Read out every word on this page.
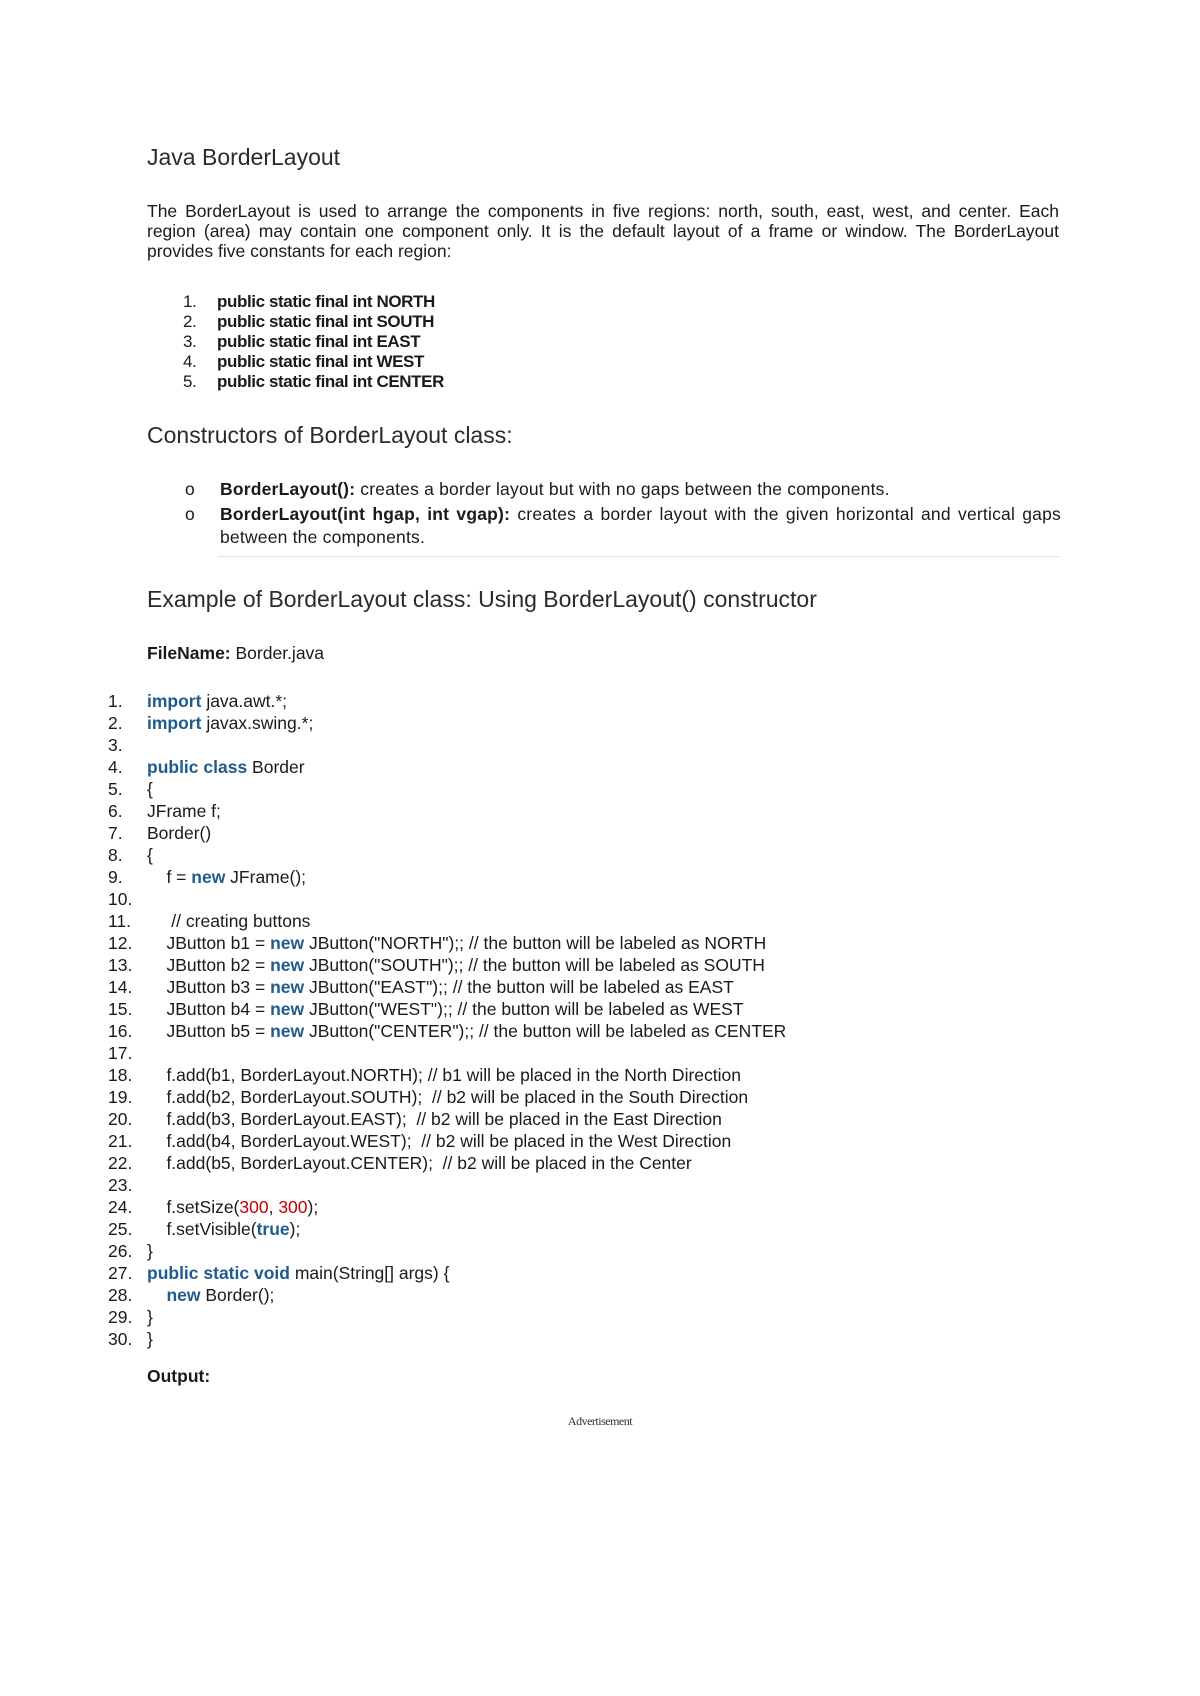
Java BorderLayout
The BorderLayout is used to arrange the components in five regions: north, south, east, west, and center. Each region (area) may contain one component only. It is the default layout of a frame or window. The BorderLayout provides five constants for each region:
1. public static final int NORTH
2. public static final int SOUTH
3. public static final int EAST
4. public static final int WEST
5. public static final int CENTER
Constructors of BorderLayout class:
o BorderLayout(): creates a border layout but with no gaps between the components.
o BorderLayout(int hgap, int vgap): creates a border layout with the given horizontal and vertical gaps between the components.
Example of BorderLayout class: Using BorderLayout() constructor
FileName: Border.java
1.	import java.awt.*;
2.	import javax.swing.*;
3.
4.	public class Border
5.	{
6.	JFrame f;
7.	Border()
8.	{
9.	f = new JFrame();
10.
11. // creating buttons
12. JButton b1 = new JButton("NORTH");; // the button will be labeled as NORTH
13. JButton b2 = new JButton("SOUTH");; // the button will be labeled as SOUTH
14. JButton b3 = new JButton("EAST");; // the button will be labeled as EAST
15. JButton b4 = new JButton("WEST");; // the button will be labeled as WEST
16. JButton b5 = new JButton("CENTER");; // the button will be labeled as CENTER
17.
18. f.add(b1, BorderLayout.NORTH); // b1 will be placed in the North Direction
19. f.add(b2, BorderLayout.SOUTH);  // b2 will be placed in the South Direction
20. f.add(b3, BorderLayout.EAST);  // b2 will be placed in the East Direction
21. f.add(b4, BorderLayout.WEST);  // b2 will be placed in the West Direction
22. f.add(b5, BorderLayout.CENTER);  // b2 will be placed in the Center
23.
24. f.setSize(300, 300);
25. f.setVisible(true);
26. }
27. public static void main(String[] args) {
28.	new Border();
29. }
30. }
Output:
Advertisement
